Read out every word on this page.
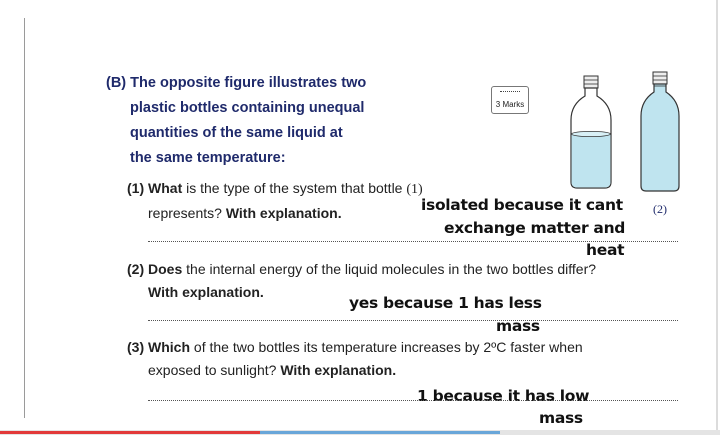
(B) The opposite figure illustrates two
plastic bottles containing unequal
quantities of the same liquid at
the same temperature:
3 Marks
(2)
(1) What is the type of the system that bottle (1)
represents? With explanation.	isolated because it cant
exchange matter and
heat
(2) Does the internal energy of the liquid molecules in the two bottles differ?
With explanation.
yes because 1 has less
mass
(3) Which of the two bottles its temperature increases by 2ºC faster when
exposed to sunlight? With explanation.
1 because it has low
mass
